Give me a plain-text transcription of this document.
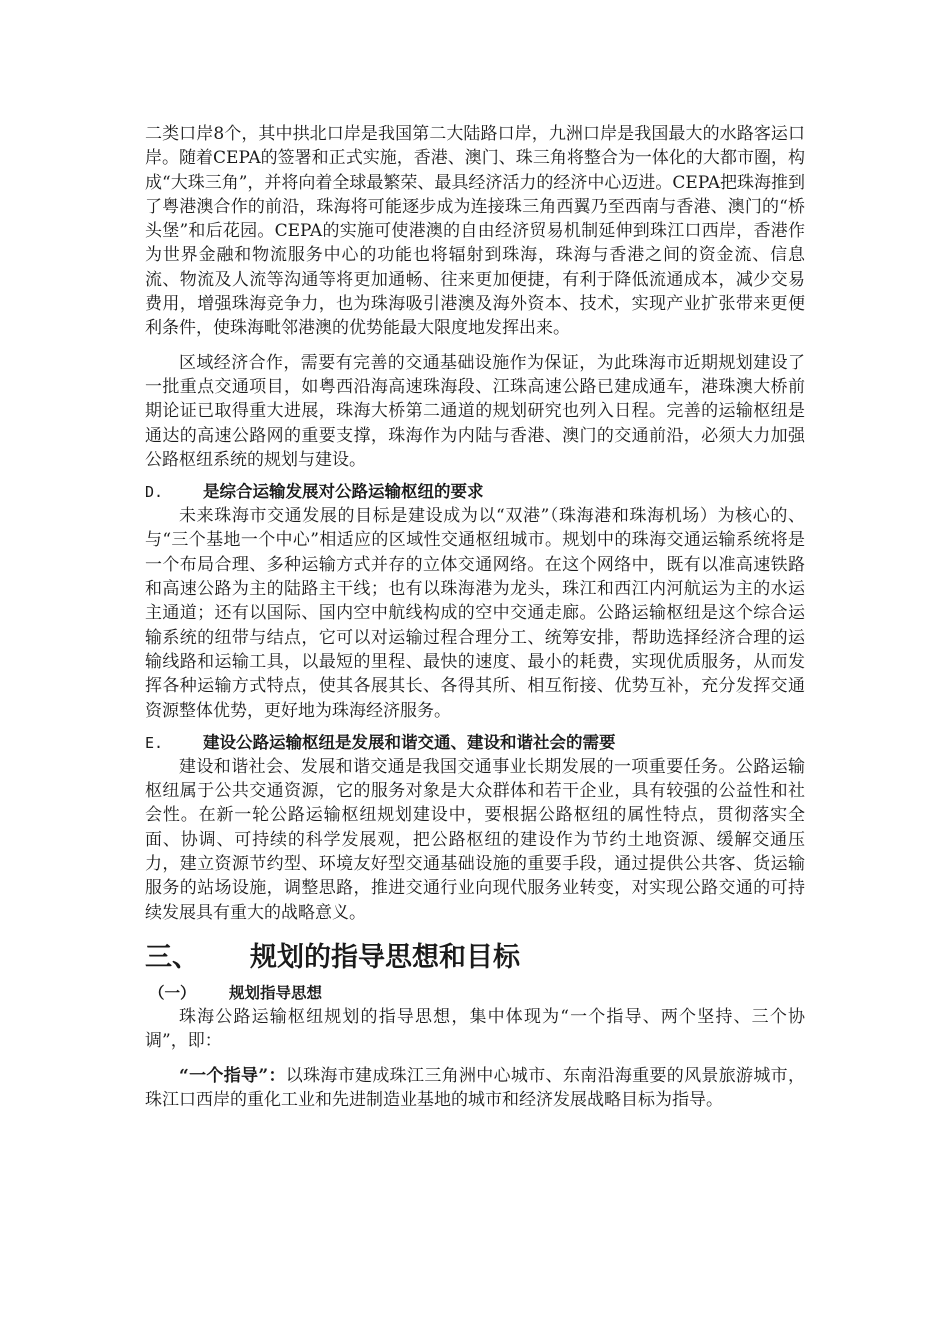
二类口岸8个，其中拱北口岸是我国第二大陆路口岸，九洲口岸是我国最大的水路客运口岸。随着CEPA的签署和正式实施，香港、澳门、珠三角将整合为一体化的大都市圈，构成“大珠三角”，并将向着全球最繁荣、最具经济活力的经济中心迈进。CEPA把珠海推到了粤港澳合作的前沿，珠海将可能逐步成为连接珠三角西翼乃至西南与香港、澳门的“桥头堡”和后花园。CEPA的实施可使港澳的自由经济贸易机制延伸到珠江口西岸，香港作为世界金融和物流服务中心的功能也将辐射到珠海，珠海与香港之间的资金流、信息流、物流及人流等沟通等将更加通畅、往来更加便捷，有利于降低流通成本，减少交易费用，增强珠海竞争力，也为珠海吸引港澳及海外资本、技术，实现产业扩张带来更便利条件，使珠海毗邻港澳的优势能最大限度地发挥出来。

区域经济合作，需要有完善的交通基础设施作为保证，为此珠海市近期规划建设了一批重点交通项目，如粤西沿海高速珠海段、江珠高速公路已建成通车，港珠澳大桥前期论证已取得重大进展，珠海大桥第二通道的规划研究也列入日程。完善的运输枢纽是通达的高速公路网的重要支撑，珠海作为内陆与香港、澳门的交通前沿，必须大力加强公路枢纽系统的规划与建设。

D.	是综合运输发展对公路运输枢纽的要求

未来珠海市交通发展的目标是建设成为以“双港”（珠海港和珠海机场）为核心的、与“三个基地一个中心”相适应的区域性交通枢纽城市。规划中的珠海交通运输系统将是一个布局合理、多种运输方式并存的立体交通网络。在这个网络中，既有以准高速铁路和高速公路为主的陆路主干线；也有以珠海港为龙头，珠江和西江内河航运为主的水运主通道；还有以国际、国内空中航线构成的空中交通走廊。公路运输枢纽是这个综合运输系统的纽带与结点，它可以对运输过程合理分工、统筹安排，帮助选择经济合理的运输线路和运输工具，以最短的里程、最快的速度、最小的耗费，实现优质服务，从而发挥各种运输方式特点，使其各展其长、各得其所、相互衔接、优势互补，充分发挥交通资源整体优势，更好地为珠海经济服务。

E.	建设公路运输枢纽是发展和谐交通、建设和谐社会的需要

建设和谐社会、发展和谐交通是我国交通事业长期发展的一项重要任务。公路运输枢纽属于公共交通资源，它的服务对象是大众群体和若干企业，具有较强的公益性和社会性。在新一轮公路运输枢纽规划建设中，要根据公路枢纽的属性特点，贯彻落实全面、协调、可持续的科学发展观，把公路枢纽的建设作为节约土地资源、缓解交通压力，建立资源节约型、环境友好型交通基础设施的重要手段，通过提供公共客、货运输服务的站场设施，调整思路，推进交通行业向现代服务业转变，对实现公路交通的可持续发展具有重大的战略意义。

三、	规划的指导思想和目标
（一）	规划指导思想

珠海公路运输枢纽规划的指导思想，集中体现为“一个指导、两个坚持、三个协调”，即：

“一个指导”：以珠海市建成珠江三角洲中心城市、东南沿海重要的风景旅游城市，珠江口西岸的重化工业和先进制造业基地的城市和经济发展战略目标为指导。
